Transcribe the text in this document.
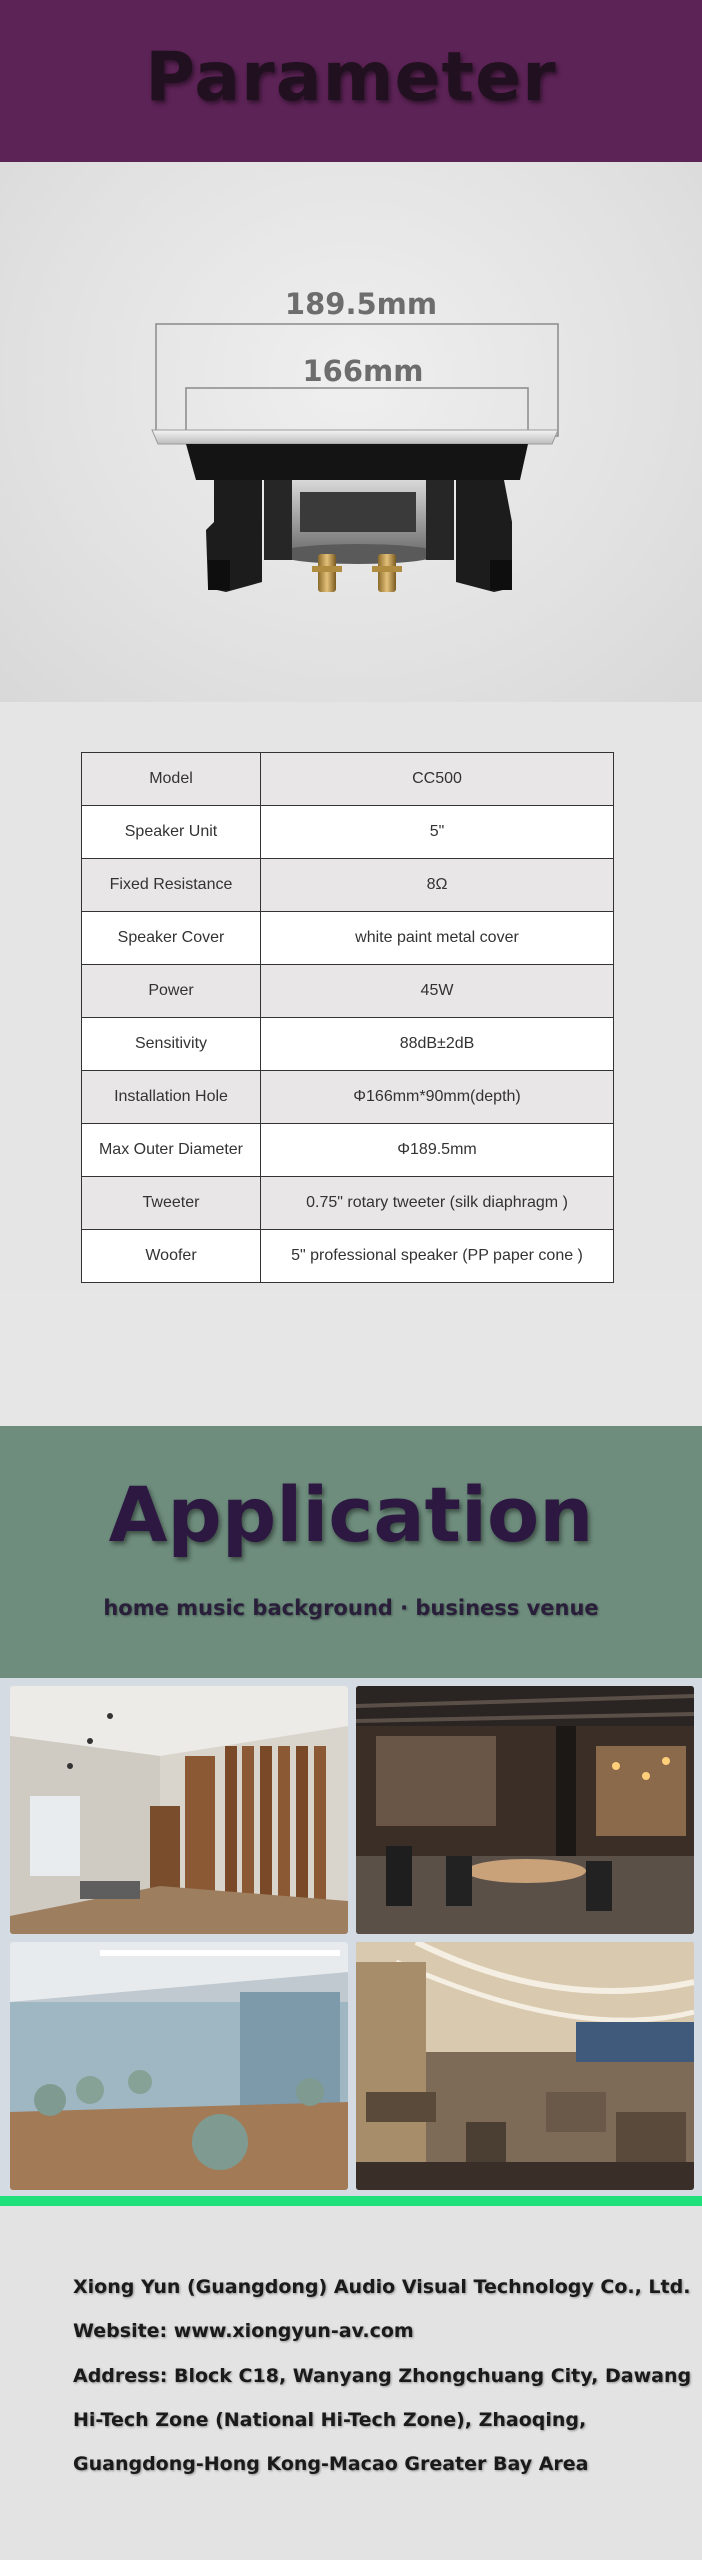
Parameter
189.5mm
166mm
Model	CC500
Speaker Unit	5"
Fixed Resistance	8Ω
Speaker Cover	white paint metal cover
Power	45W
Sensitivity	88dB±2dB
Installation Hole	Φ166mm*90mm(depth)
Max Outer Diameter	Φ189.5mm
Tweeter	0.75" rotary tweeter (silk diaphragm )
Woofer	5" professional speaker (PP paper cone )
Application
home music background · business venue
Xiong Yun (Guangdong) Audio Visual Technology Co., Ltd.
Website: www.xiongyun-av.com
Address: Block C18, Wanyang Zhongchuang City, Dawang
Hi-Tech Zone (National Hi-Tech Zone), Zhaoqing,
Guangdong-Hong Kong-Macao Greater Bay Area
